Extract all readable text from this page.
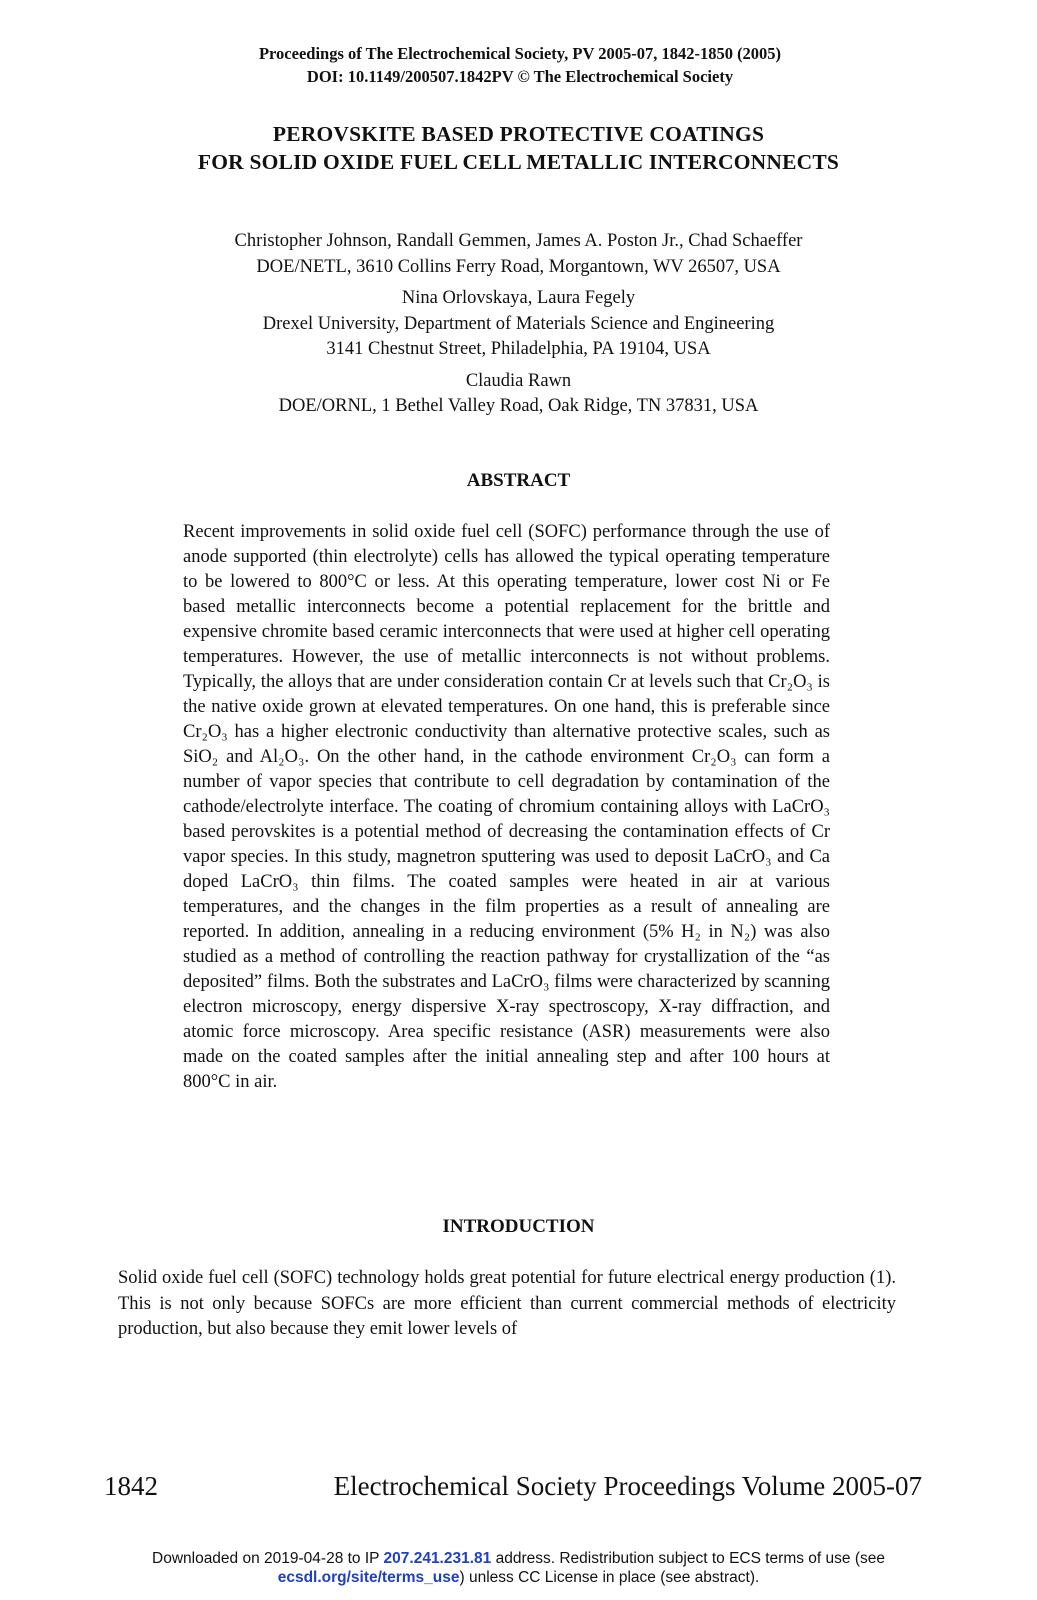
Proceedings of The Electrochemical Society, PV 2005-07, 1842-1850 (2005)
DOI: 10.1149/200507.1842PV © The Electrochemical Society
PEROVSKITE BASED PROTECTIVE COATINGS
FOR SOLID OXIDE FUEL CELL METALLIC INTERCONNECTS
Christopher Johnson, Randall Gemmen, James A. Poston Jr., Chad Schaeffer
DOE/NETL, 3610 Collins Ferry Road, Morgantown, WV 26507, USA
Nina Orlovskaya, Laura Fegely
Drexel University, Department of Materials Science and Engineering
3141 Chestnut Street, Philadelphia, PA 19104, USA
Claudia Rawn
DOE/ORNL, 1 Bethel Valley Road, Oak Ridge, TN 37831, USA
ABSTRACT
Recent improvements in solid oxide fuel cell (SOFC) performance through the use of anode supported (thin electrolyte) cells has allowed the typical operating temperature to be lowered to 800°C or less. At this operating temperature, lower cost Ni or Fe based metallic interconnects become a potential replacement for the brittle and expensive chromite based ceramic interconnects that were used at higher cell operating temperatures. However, the use of metallic interconnects is not without problems. Typically, the alloys that are under consideration contain Cr at levels such that Cr₂O₃ is the native oxide grown at elevated temperatures. On one hand, this is preferable since Cr₂O₃ has a higher electronic conductivity than alternative protective scales, such as SiO₂ and Al₂O₃. On the other hand, in the cathode environment Cr₂O₃ can form a number of vapor species that contribute to cell degradation by contamination of the cathode/electrolyte interface. The coating of chromium containing alloys with LaCrO₃ based perovskites is a potential method of decreasing the contamination effects of Cr vapor species. In this study, magnetron sputtering was used to deposit LaCrO₃ and Ca doped LaCrO₃ thin films. The coated samples were heated in air at various temperatures, and the changes in the film properties as a result of annealing are reported. In addition, annealing in a reducing environment (5% H₂ in N₂) was also studied as a method of controlling the reaction pathway for crystallization of the “as deposited” films. Both the substrates and LaCrO₃ films were characterized by scanning electron microscopy, energy dispersive X-ray spectroscopy, X-ray diffraction, and atomic force microscopy. Area specific resistance (ASR) measurements were also made on the coated samples after the initial annealing step and after 100 hours at 800°C in air.
INTRODUCTION
Solid oxide fuel cell (SOFC) technology holds great potential for future electrical energy production (1). This is not only because SOFCs are more efficient than current commercial methods of electricity production, but also because they emit lower levels of
1842	Electrochemical Society Proceedings Volume 2005-07
Downloaded on 2019-04-28 to IP 207.241.231.81 address. Redistribution subject to ECS terms of use (see
ecsdl.org/site/terms_use) unless CC License in place (see abstract).
